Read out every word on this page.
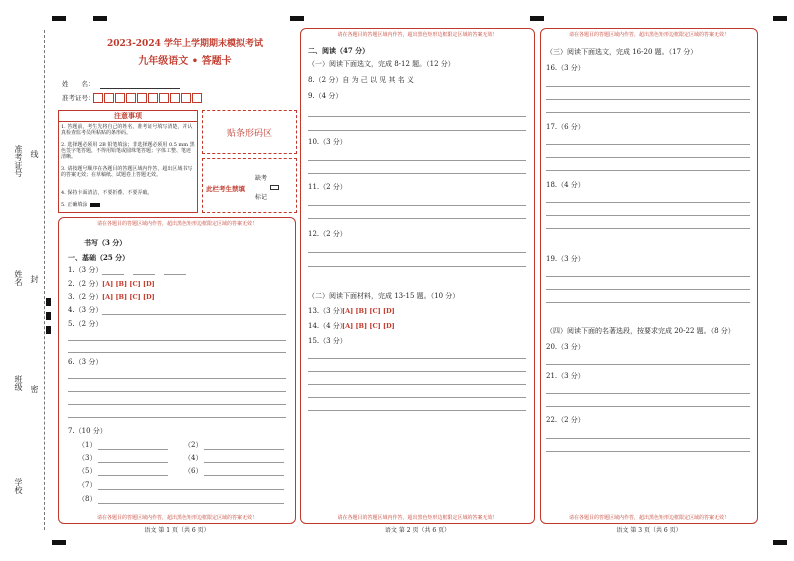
准考证号 线
姓名 封
班级 密
学校
2023-2024 学年上学期期末模拟考试
九年级语文 • 答题卡
姓　　名：
准考证号：
贴条形码区
注意事项
1. 答题前，考生先将自己的姓名，准考证号填写清楚，并认真检查监考员所粘贴的条形码。
2. 选择题必须用 2B 铅笔填涂；非选择题必须用 0.5 mm 黑色签字笔答题，不得用铅笔或圆珠笔答题；字体工整、笔迹清晰。
3. 请按题号顺序在各题目的答题区域内作答，超出区域书写的答案无效；在草稿纸、试题卷上答题无效。
4. 保持卡面清洁，不要折叠、不要弄破。
5. 正确填涂
此栏考生禁填
缺考
标记
请在各题目的答题区域内作答，超出黑色矩形边框限定区域的答案无效！
请在各题目的答题区域内作答，超出黑色矩形边框限定区域的答案无效！
书写（3 分）
一、基础（25 分）
1.（3 分）
2.（2 分） [A] [B] [C] [D]
3.（2 分） [A] [B] [C] [D]
4.（3 分）
5.（2 分）
6.（3 分）
7.（10 分）
（1）	（2）
（3）	（4）
（5）	（6）
（7）
（8）
语文 第 1 页（共 6 页）
请在各题目的答题区域内作答，超出黑色矩形边框限定区域的答案无效！
请在各题目的答题区域内作答，超出黑色矩形边框限定区域的答案无效！
二、阅读（47 分）
（一）阅读下面选文，完成 8-12 题。（12 分）
8.（2 分）自 为 己 以 见 其 名 义
9.（4 分）
10.（3 分）
11.（2 分）
12.（2 分）
（二）阅读下面材料，完成 13-15 题。（10 分）
13.（3 分）
[A] [B] [C] [D]
14.（4 分）
[A] [B] [C] [D]
15.（3 分）
语文 第 2 页（共 6 页）
请在各题目的答题区域内作答，超出黑色矩形边框限定区域的答案无效！
请在各题目的答题区域内作答，超出黑色矩形边框限定区域的答案无效！
（三）阅读下面选文，完成 16-20 题。（17 分）
16.（3 分）
17.（6 分）
18.（4 分）
19.（3 分）
（四）阅读下面的名著选段，按要求完成 20-22 题。（8 分）
20.（3 分）
21.（3 分）
22.（2 分）
语文 第 3 页（共 6 页）
